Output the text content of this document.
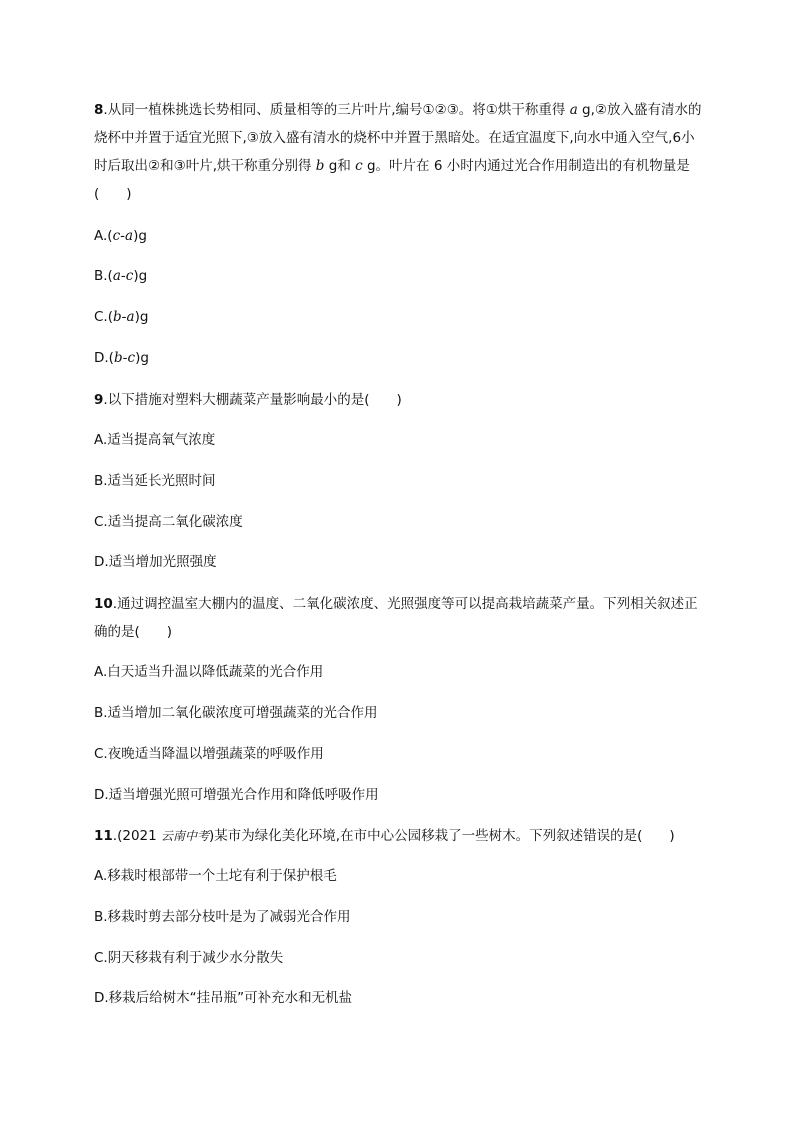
8.从同一植株挑选长势相同、质量相等的三片叶片,编号①②③。将①烘干称重得 a g,②放入盛有清水的烧杯中并置于适宜光照下,③放入盛有清水的烧杯中并置于黑暗处。在适宜温度下,向水中通入空气,6小时后取出②和③叶片,烘干称重分别得 b g和 c g。叶片在 6 小时内通过光合作用制造出的有机物量是(　　)
A.(c-a)g
B.(a-c)g
C.(b-a)g
D.(b-c)g
9.以下措施对塑料大棚蔬菜产量影响最小的是(　　)
A.适当提高氧气浓度
B.适当延长光照时间
C.适当提高二氧化碳浓度
D.适当增加光照强度
10.通过调控温室大棚内的温度、二氧化碳浓度、光照强度等可以提高栽培蔬菜产量。下列相关叙述正确的是(　　)
A.白天适当升温以降低蔬菜的光合作用
B.适当增加二氧化碳浓度可增强蔬菜的光合作用
C.夜晚适当降温以增强蔬菜的呼吸作用
D.适当增强光照可增强光合作用和降低呼吸作用
11.(2021 云南中考)某市为绿化美化环境,在市中心公园移栽了一些树木。下列叙述错误的是(　　)
A.移栽时根部带一个土坨有利于保护根毛
B.移栽时剪去部分枝叶是为了减弱光合作用
C.阴天移栽有利于减少水分散失
D.移栽后给树木“挂吊瓶”可补充水和无机盐
